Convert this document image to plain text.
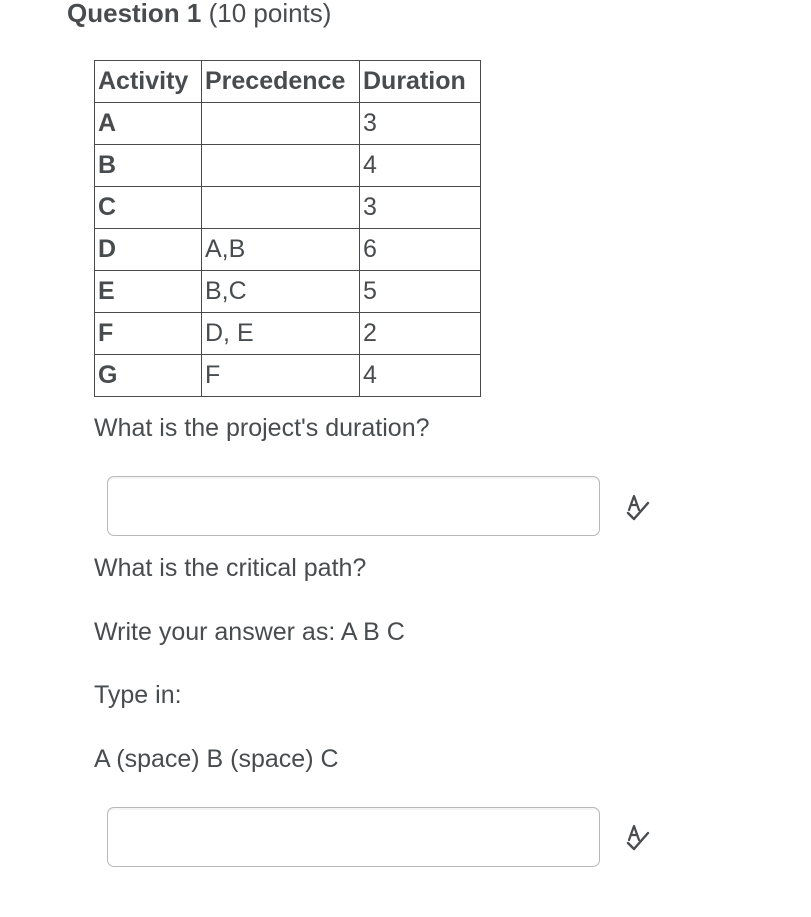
Question 1 (10 points)
Activity	Precedence	Duration
A		3
B		4
C		3
D	A,B	6
E	B,C	5
F	D, E	2
G	F	4
What is the project's duration?
What is the critical path?
Write your answer as: A B C
Type in:
A (space) B (space) C
